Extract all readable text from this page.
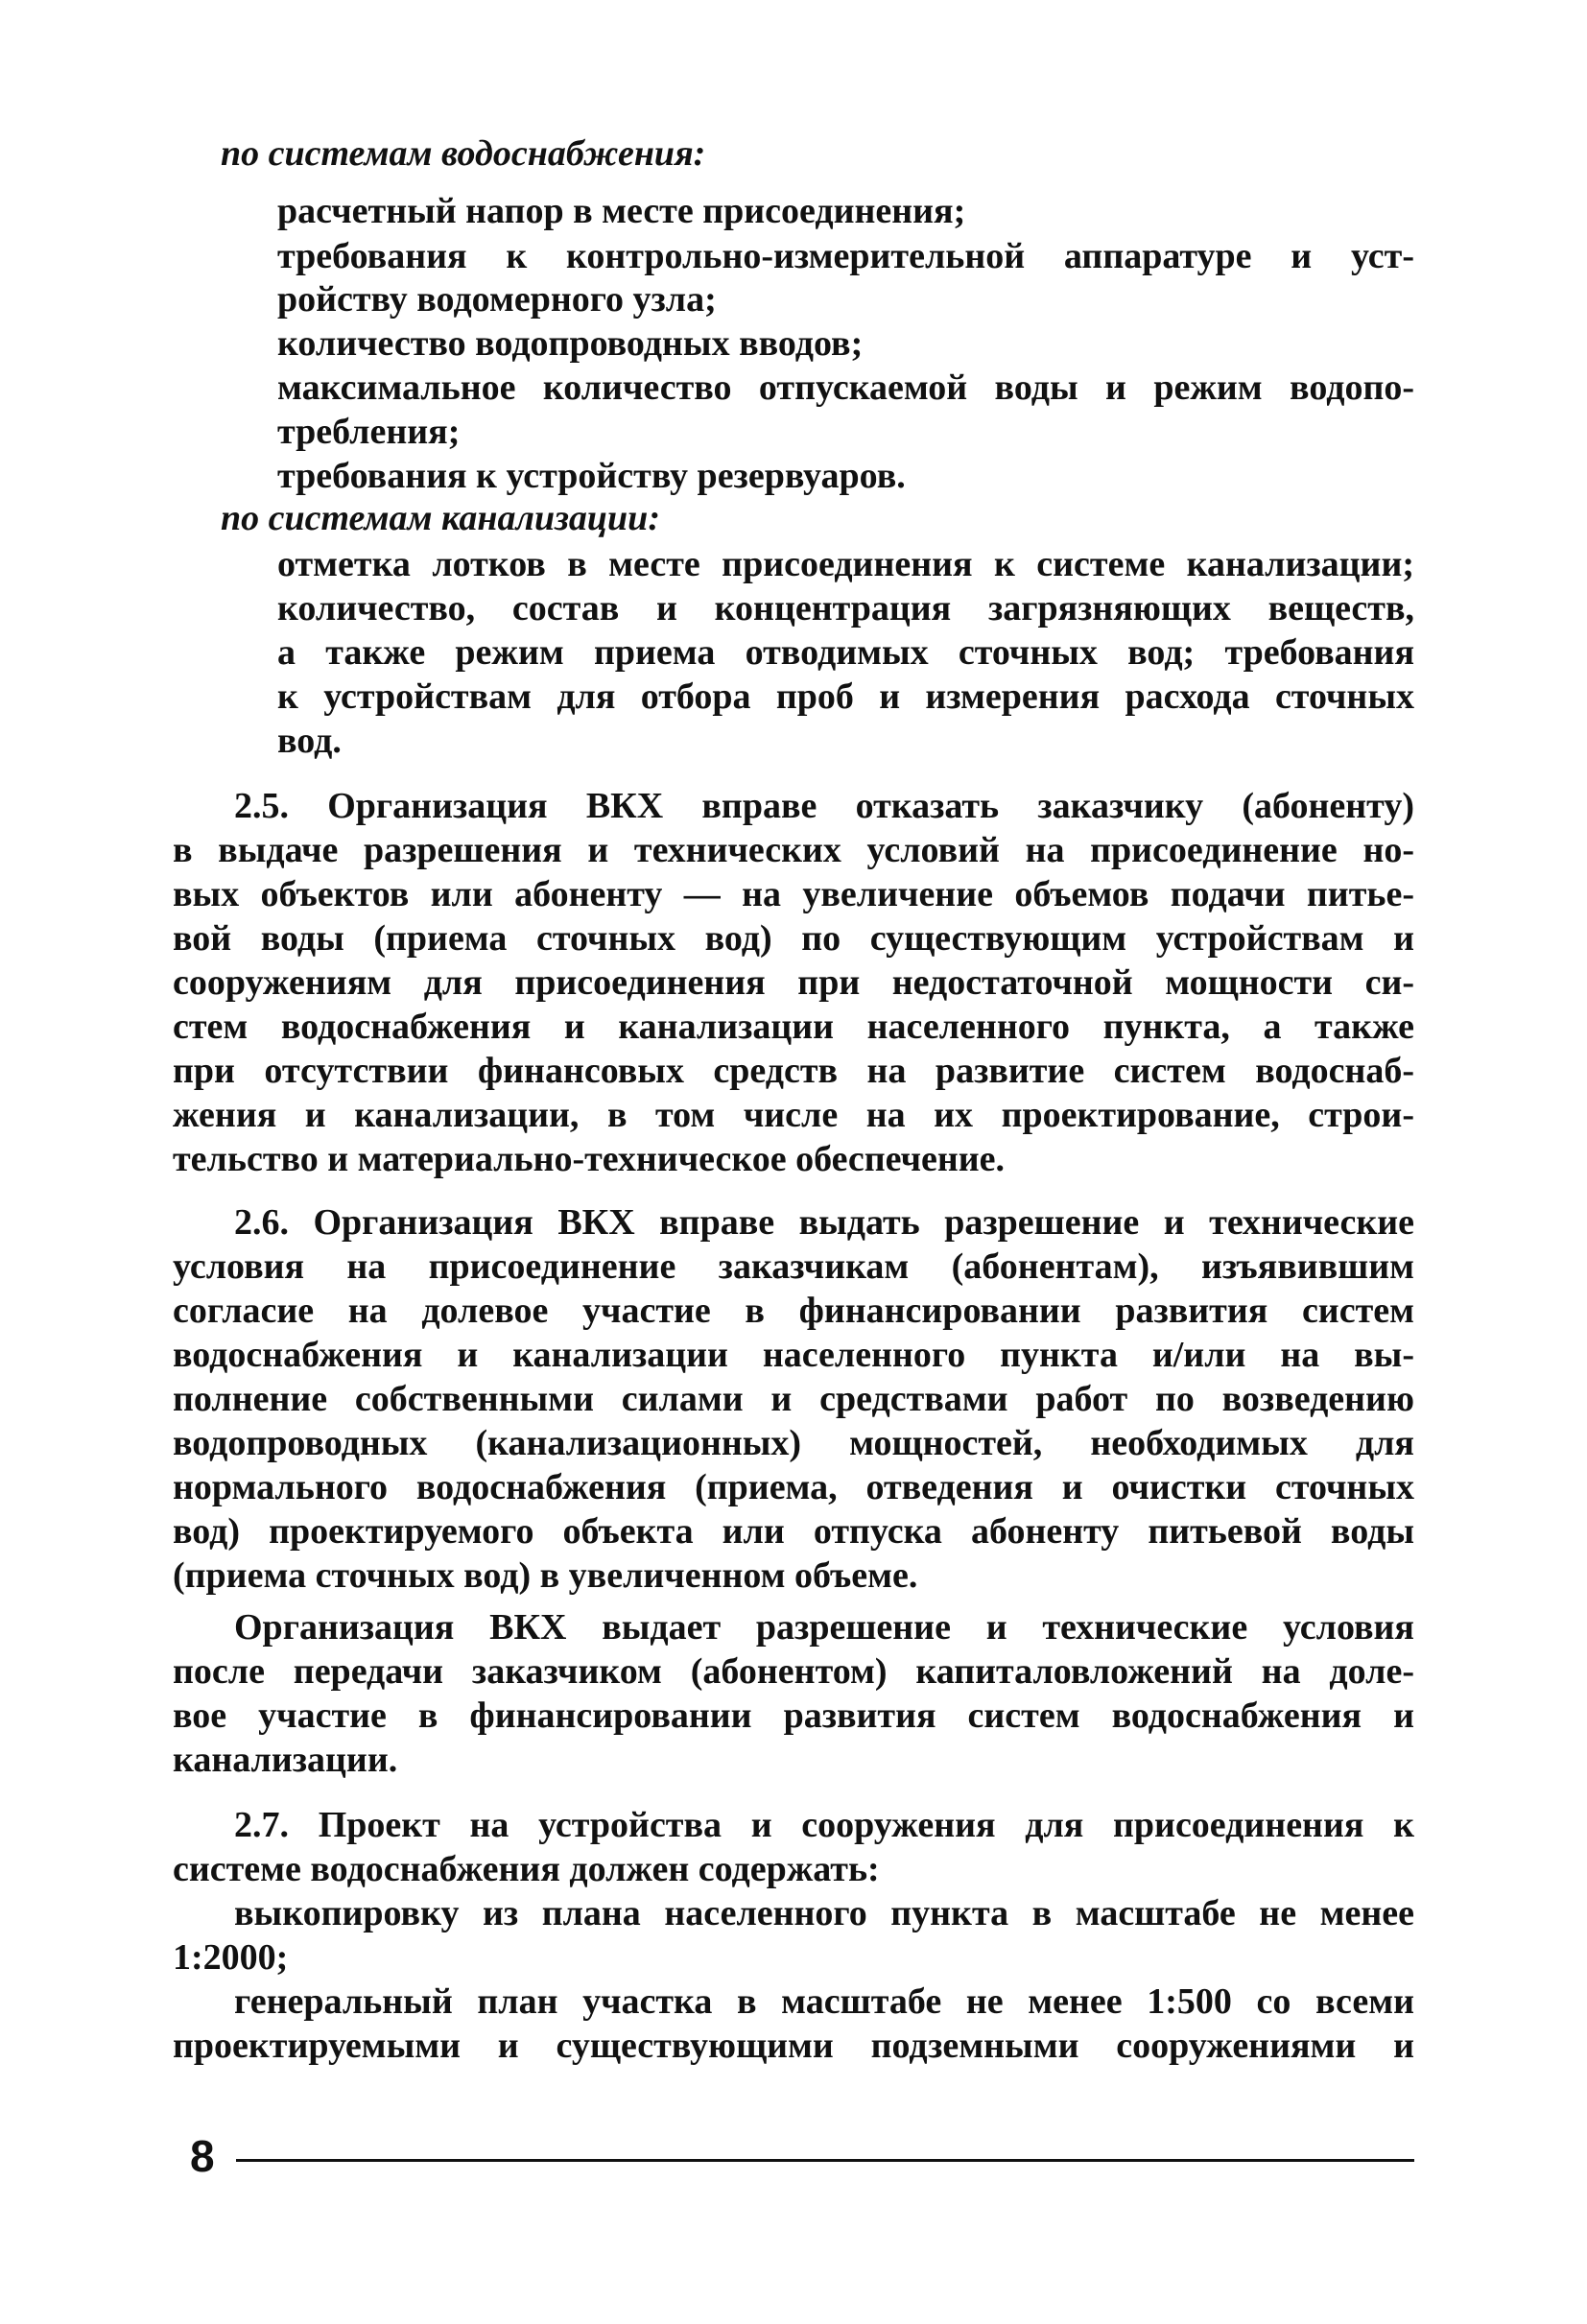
по системам водоснабжения:
расчетный напор в месте присоединения;
требования к контрольно-измерительной аппаратуре и уст-
ройству водомерного узла;
количество водопроводных вводов;
максимальное количество отпускаемой воды и режим водопо-
требления;
требования к устройству резервуаров.
по системам канализации:
отметка лотков в месте присоединения к системе канализации;
количество, состав и концентрация загрязняющих веществ,
а также режим приема отводимых сточных вод; требования
к устройствам для отбора проб и измерения расхода сточных
вод.
2.5. Организация ВКХ вправе отказать заказчику (абоненту)
в выдаче разрешения и технических условий на присоединение но-
вых объектов или абоненту — на увеличение объемов подачи питье-
вой воды (приема сточных вод) по существующим устройствам и
сооружениям для присоединения при недостаточной мощности си-
стем водоснабжения и канализации населенного пункта, а также
при отсутствии финансовых средств на развитие систем водоснаб-
жения и канализации, в том числе на их проектирование, строи-
тельство и материально-техническое обеспечение.
2.6. Организация ВКХ вправе выдать разрешение и технические
условия на присоединение заказчикам (абонентам), изъявившим
согласие на долевое участие в финансировании развития систем
водоснабжения и канализации населенного пункта и/или на вы-
полнение собственными силами и средствами работ по возведению
водопроводных (канализационных) мощностей, необходимых для
нормального водоснабжения (приема, отведения и очистки сточных
вод) проектируемого объекта или отпуска абоненту питьевой воды
(приема сточных вод) в увеличенном объеме.
Организация ВКХ выдает разрешение и технические условия
после передачи заказчиком (абонентом) капиталовложений на доле-
вое участие в финансировании развития систем водоснабжения и
канализации.
2.7. Проект на устройства и сооружения для присоединения к
системе водоснабжения должен содержать:
выкопировку из плана населенного пункта в масштабе не менее
1:2000;
генеральный план участка в масштабе не менее 1:500 со всеми
проектируемыми и существующими подземными сооружениями и
8
